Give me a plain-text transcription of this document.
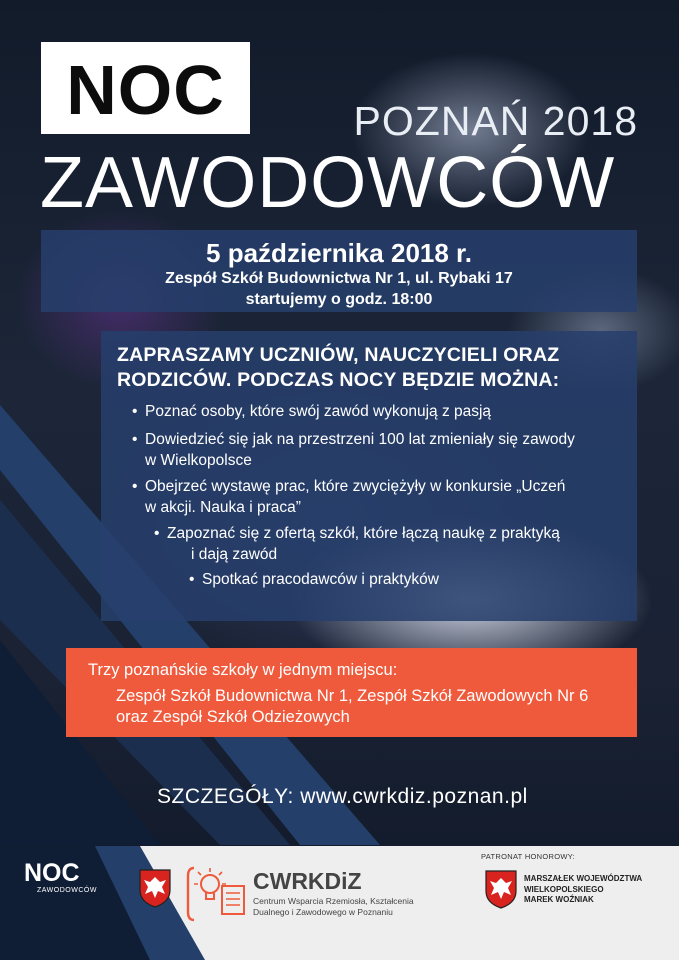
NOC	POZNAŃ 2018
ZAWODOWCÓW
5 października 2018 r.
Zespół Szkół Budownictwa Nr 1, ul. Rybaki 17
startujemy o godz. 18:00
ZAPRASZAMY UCZNIÓW, NAUCZYCIELI ORAZ RODZICÓW. PODCZAS NOCY BĘDZIE MOŻNA:
• Poznać osoby, które swój zawód wykonują z pasją
• Dowiedzieć się jak na przestrzeni 100 lat zmieniały się zawody
w Wielkopolsce
• Obejrzeć wystawę prac, które zwyciężyły w konkursie „Uczeń
w akcji. Nauka i praca”
• Zapoznać się z ofertą szkół, które łączą naukę z praktyką
i dają zawód
• Spotkać pracodawców i praktyków
Trzy poznańskie szkoły w jednym miejscu:
Zespół Szkół Budownictwa Nr 1, Zespół Szkół Zawodowych Nr 6
oraz Zespół Szkół Odzieżowych
SZCZEGÓŁY: www.cwrkdiz.poznan.pl
NOC
ZAWODOWCÓW	CWRKDiZ
Centrum Wsparcia Rzemiosła, Kształcenia
Dualnego i Zawodowego w Poznaniu
PATRONAT HONOROWY:
MARSZAŁEK WOJEWÓDZTWA
WIELKOPOLSKIEGO
MAREK WOŹNIAK
